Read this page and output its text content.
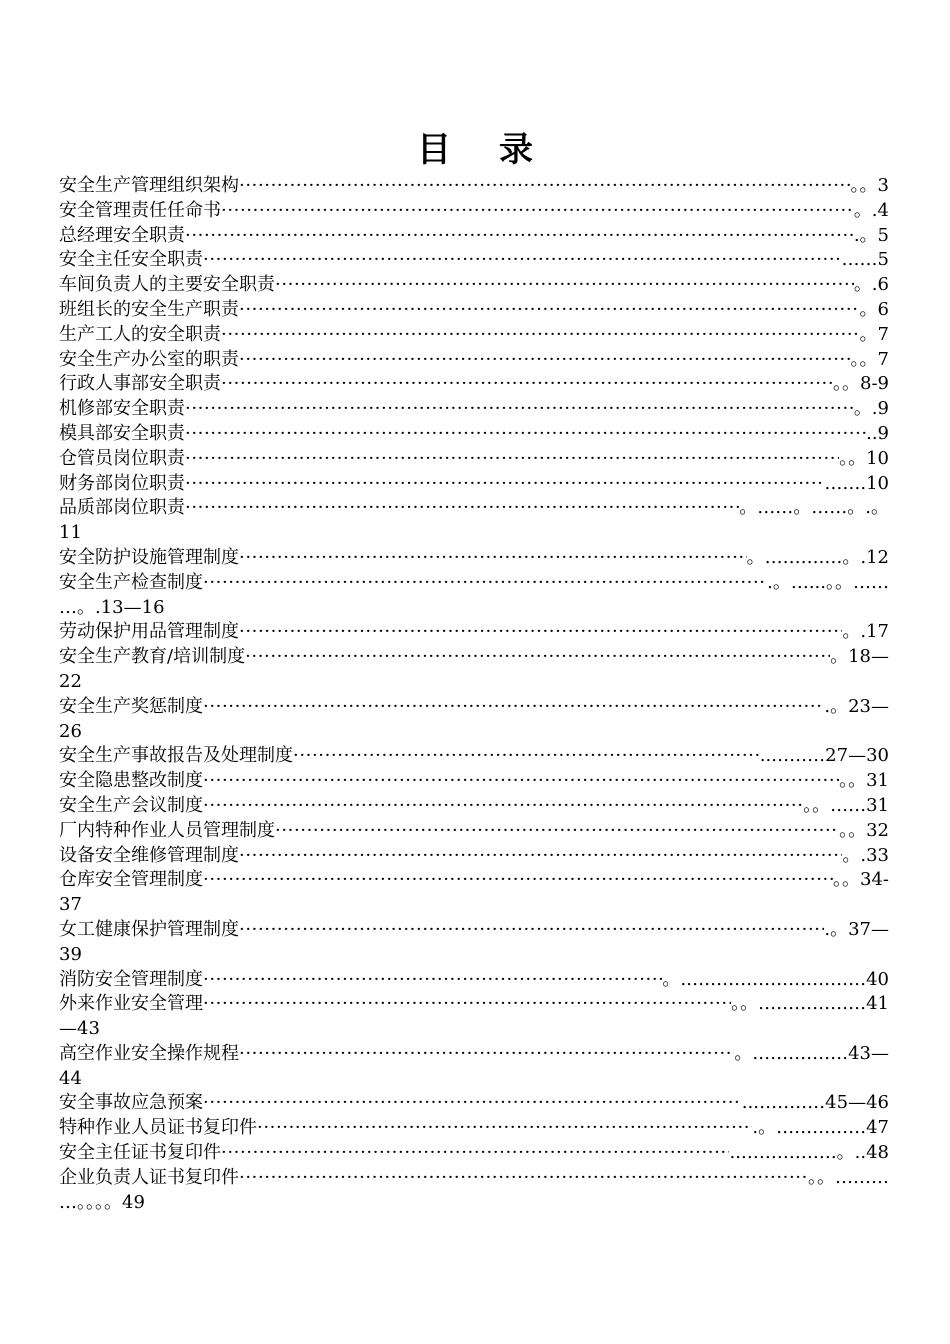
目 录
安全生产管理组织架构 ·····	。。3
安全管理责任任命书 ·····	。.4
总经理安全职责 ·····	.。5
安全主任安全职责 ·····	……5
车间负责人的主要安全职责 ·····	。.6
班组长的安全生产职责 ·····	。6
生产工人的安全职责 ·····	。7
安全生产办公室的职责 ·····	。。7
行政人事部安全职责 ·····	。。8-9
机修部安全职责 ·····	。.9
模具部安全职责 ·····	..9
仓管员岗位职责 ·····	。。10
财务部岗位职责 ·····	…….10
品质部岗位职责 ·····	。……。……。.。
11
安全防护设施管理制度 ·····	。……….…。.12
安全生产检查制度 ·····	.。…...。。……
…。.13—16
劳动保护用品管理制度 ·····	。.17
安全生产教育/培训制度 ·····	。18—
22
安全生产奖惩制度 ·····	.。23—
26
安全生产事故报告及处理制度 ·····	..………27—30
安全隐患整改制度 ·····	。。31
安全生产会议制度 ·····	。。……31
厂内特种作业人员管理制度 ·····	。。32
设备安全维修管理制度 ·····	。.33
仓库安全管理制度 ·····	。。34-
37
女工健康保护管理制度 ·····	.。37—
39
消防安全管理制度 ·····	。.…………………………40
外来作业安全管理 ·····	。。………………41
—43
高空作业安全操作规程 ·····	。.……………43—
44
安全事故应急预案 ·····	..…………45—46
特种作业人员证书复印件 ·····	.。……………47
安全主任证书复印件 ·····	..…………….。..48
企业负责人证书复印件 ·····	。。………
…。。。。49
